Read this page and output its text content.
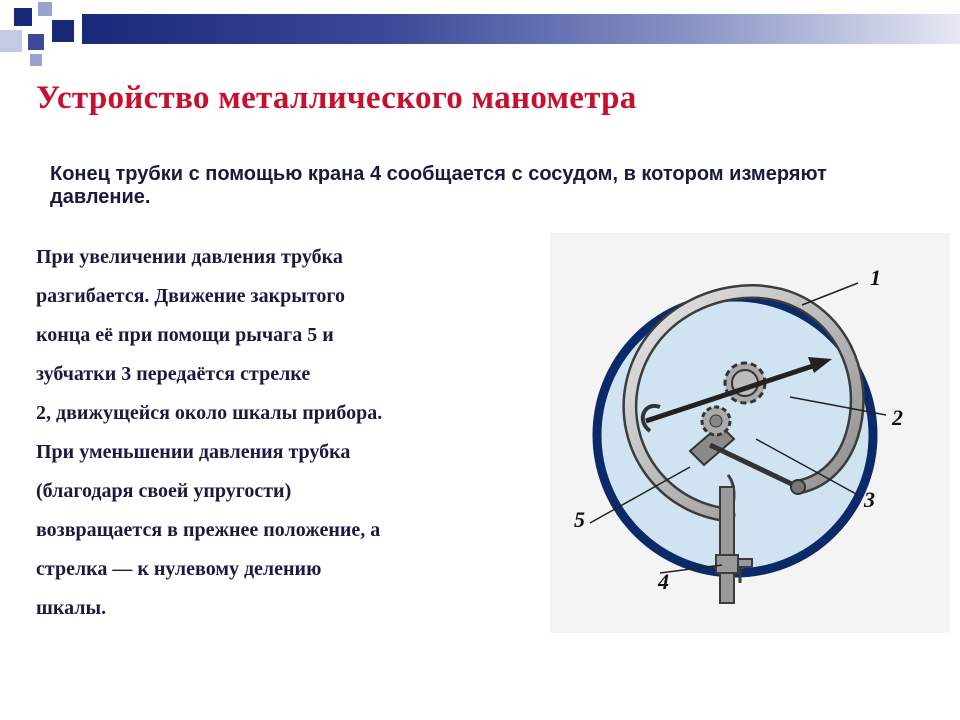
Устройство металлического манометра

Конец трубки с помощью крана 4 сообщается с сосудом, в котором измеряют давление.

При увеличении давления трубка
разгибается. Движение закрытого
конца её при помощи рычага 5 и
зубчатки 3 передаётся стрелке
2, движущейся около шкалы прибора.
При уменьшении давления трубка
(благодаря своей упругости)
возвращается в прежнее положение, а
стрелка — к нулевому делению
шкалы.
1
2
3
4
5
